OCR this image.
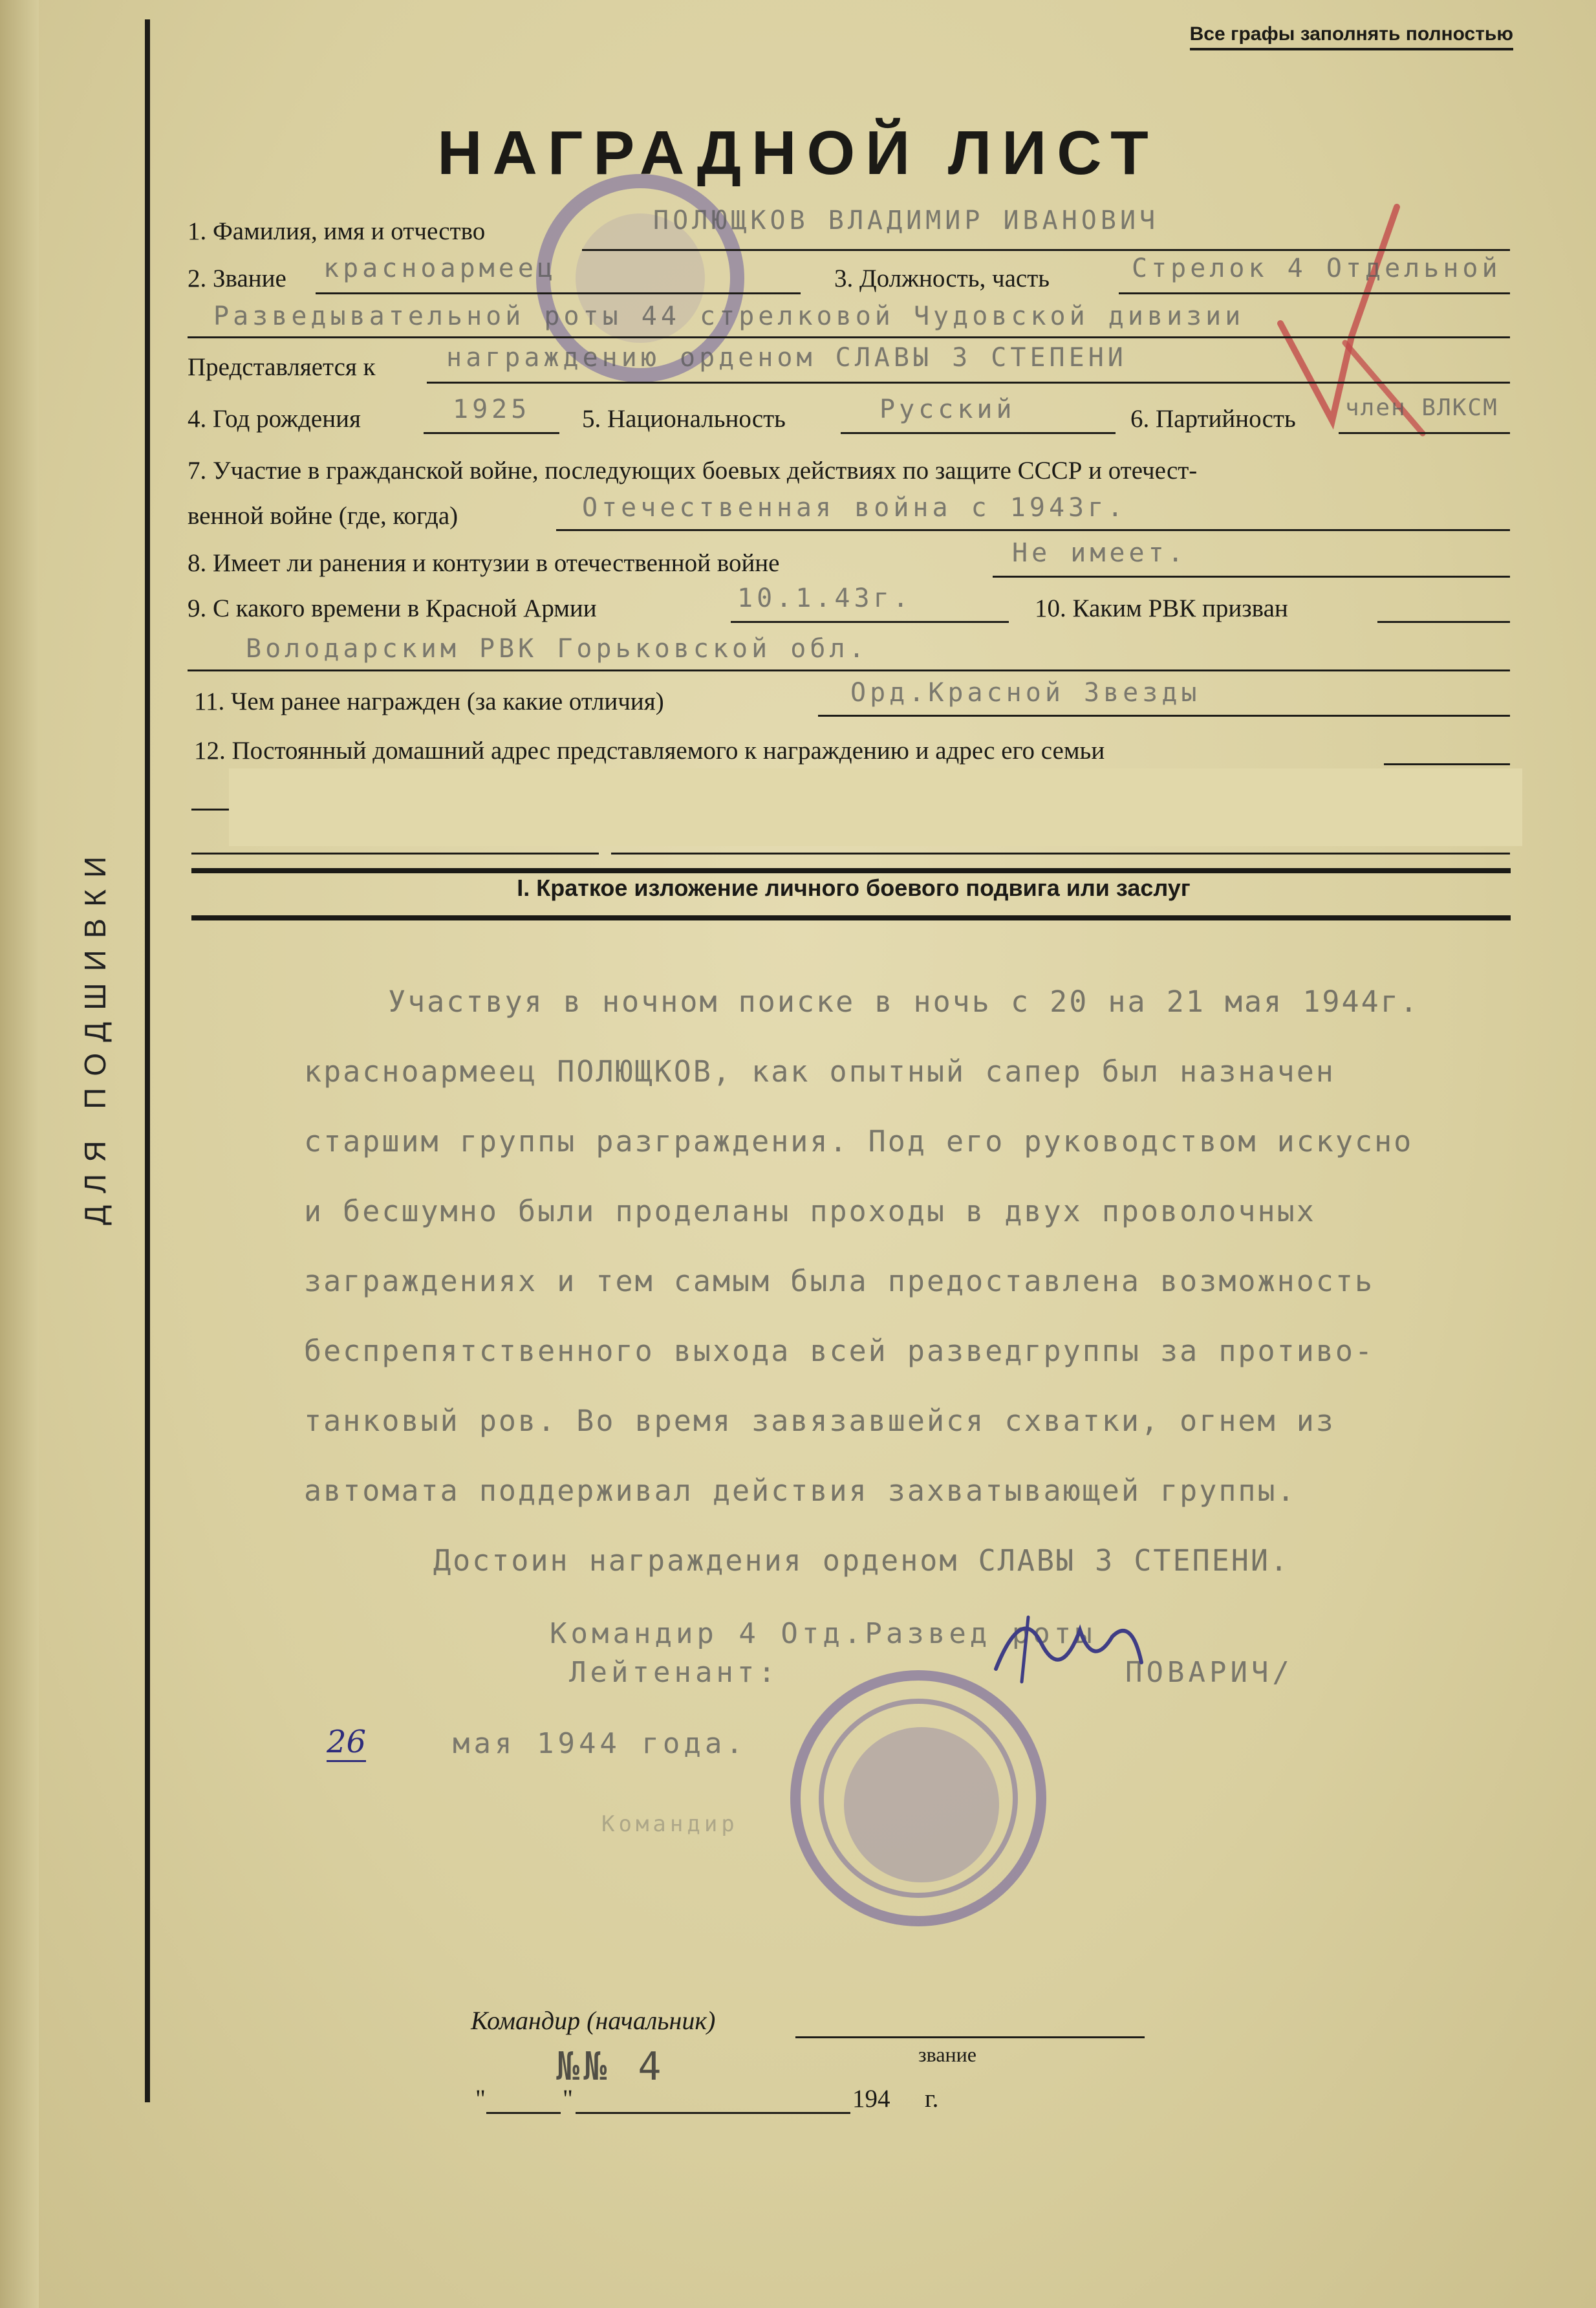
ДЛЯ ПОДШИВКИ
Все графы заполнять полностью
НАГРАДНОЙ ЛИСТ
1. Фамилия, имя и отчество	ПОЛЮЩКОВ ВЛАДИМИР ИВАНОВИЧ
2. Звание красноармеец	3. Должность, часть	Стрелок 4 Отдельной
Разведывательной роты 44 стрелковой Чудовской дивизии
Представляется к	награждению орденом СЛАВЫ 3 СТЕПЕНИ
4. Год рождения	1925 5. Национальность	Русский	6. Партийность член ВЛКСМ
7. Участие в гражданской войне, последующих боевых действиях по защите СССР и отечест-
венной войне (где, когда)	Отечественная война с 1943г.
8. Имеет ли ранения и контузии в отечественной войне	Не имеет.
9. С какого времени в Красной Армии	10.1.43г.	10. Каким РВК призван
Володарским РВК Горьковской обл.
11. Чем ранее награжден (за какие отличия)	Орд.Красной Звезды
12. Постоянный домашний адрес представляемого к награждению и адрес его семьи
I. Краткое изложение личного боевого подвига или заслуг

Участвуя в ночном поиске в ночь с 20 на 21 мая 1944г.

красноармеец ПОЛЮЩКОВ, как опытный сапер был назначен

старшим группы разграждения. Под его руководством искусно

и бесшумно были проделаны проходы в двух проволочных

заграждениях и тем самым была предоставлена возможность

беспрепятственного выхода всей разведгруппы за противо-

танковый ров. Во время завязавшейся схватки, огнем из

автомата поддерживал действия захватывающей группы.

Достоин награждения орденом СЛАВЫ 3 СТЕПЕНИ.

Командир 4 Отд.Развед роты
Лейтенант:	ПОВАРИЧ/
26	мая 1944 года.
Командир
Командир (начальник)
№№ 4	звание
"	"	194 г.
